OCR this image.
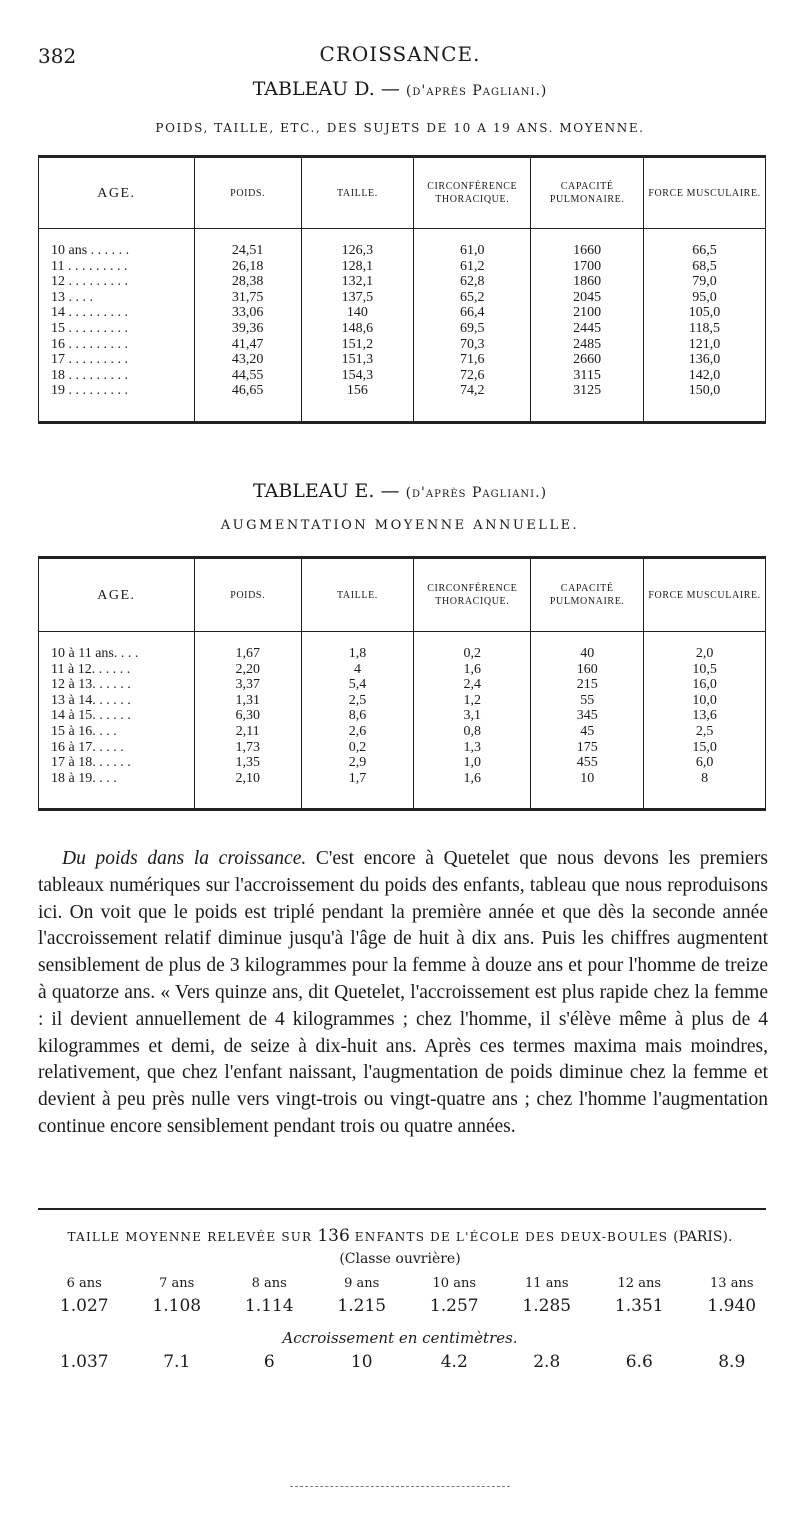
382	CROISSANCE.
TABLEAU D. — (d'après Pagliani.)
POIDS, TAILLE, ETC., DES SUJETS DE 10 A 19 ANS. MOYENNE.
AGE.	POIDS.	TAILLE.	CIRCONFÉRENCE THORACIQUE.	CAPACITÉ PULMONAIRE.	FORCE MUSCULAIRE.

10 ans . . . . . .	24,51	126,3	61,0	1660	66,5
11 . . . . . . . . .	26,18	128,1	61,2	1700	68,5
12 . . . . . . . . .	28,38	132,1	62,8	1860	79,0
13 . . . .	31,75	137,5	65,2	2045	95,0
14 . . . . . . . . .	33,06	140	66,4	2100	105,0
15 . . . . . . . . .	39,36	148,6	69,5	2445	118,5
16 . . . . . . . . .	41,47	151,2	70,3	2485	121,0
17 . . . . . . . . .	43,20	151,3	71,6	2660	136,0
18 . . . . . . . . .	44,55	154,3	72,6	3115	142,0
19 . . . . . . . . .	46,65	156	74,2	3125	150,0

TABLEAU E. — (d'après Pagliani.)
AUGMENTATION MOYENNE ANNUELLE.
AGE.	POIDS.	TAILLE.	CIRCONFÉRENCE THORACIQUE.	CAPACITÉ PULMONAIRE.	FORCE MUSCULAIRE.

10 à 11 ans. . . .	1,67	1,8	0,2	40	2,0
11 à 12. . . . . .	2,20	4	1,6	160	10,5
12 à 13. . . . . .	3,37	5,4	2,4	215	16,0
13 à 14. . . . . .	1,31	2,5	1,2	55	10,0
14 à 15. . . . . .	6,30	8,6	3,1	345	13,6
15 à 16. . . .	2,11	2,6	0,8	45	2,5
16 à 17. . . . .	1,73	0,2	1,3	175	15,0
17 à 18. . . . . .	1,35	2,9	1,0	455	6,0
18 à 19. . . .	2,10	1,7	1,6	10	8

Du poids dans la croissance. C'est encore à Quetelet que nous devons les premiers tableaux numériques sur l'accroissement du poids des enfants, tableau que nous reproduisons ici. On voit que le poids est triplé pendant la première année et que dès la seconde année l'accroissement relatif diminue jusqu'à l'âge de huit à dix ans. Puis les chiffres augmentent sensiblement de plus de 3 kilogrammes pour la femme à douze ans et pour l'homme de treize à quatorze ans. « Vers quinze ans, dit Quetelet, l'accroissement est plus rapide chez la femme : il devient annuellement de 4 kilogrammes ; chez l'homme, il s'élève même à plus de 4 kilogrammes et demi, de seize à dix-huit ans. Après ces termes maxima mais moindres, relativement, que chez l'enfant naissant, l'augmentation de poids diminue chez la femme et devient à peu près nulle vers vingt-trois ou vingt-quatre ans ; chez l'homme l'augmentation continue encore sensiblement pendant trois ou quatre années.

TAILLE MOYENNE RELEVÉE SUR 136 ENFANTS DE L'ÉCOLE DES DEUX-BOULES (PARIS).
(Classe ouvrière)
6 ans	7 ans	8 ans	9 ans	10 ans	11 ans	12 ans	13 ans
1.027	1.108	1.114	1.215	1.257	1.285	1.351	1.940
Accroissement en centimètres.
1.037	7.1	6	10	4.2	2.8	6.6	8.9
